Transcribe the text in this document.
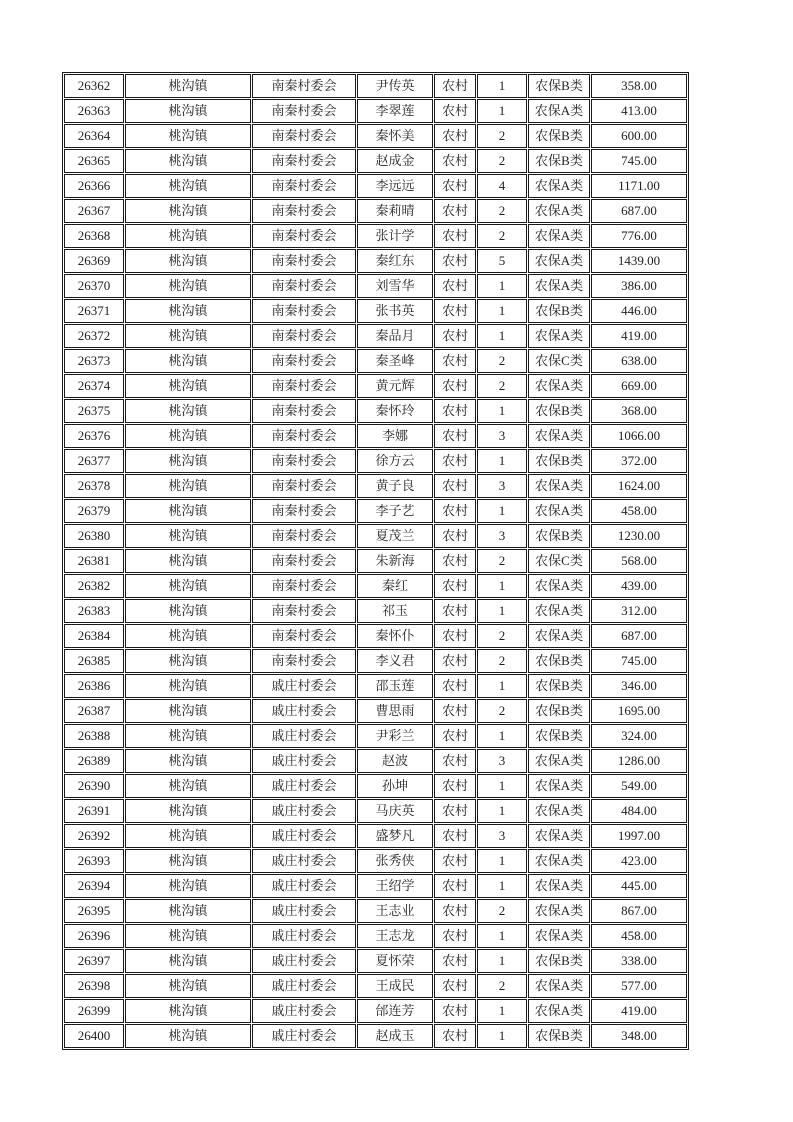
26362	桃沟镇	南秦村委会	尹传英	农村	1	农保B类	358.00
26363	桃沟镇	南秦村委会	李翠莲	农村	1	农保A类	413.00
26364	桃沟镇	南秦村委会	秦怀美	农村	2	农保B类	600.00
26365	桃沟镇	南秦村委会	赵成金	农村	2	农保B类	745.00
26366	桃沟镇	南秦村委会	李远远	农村	4	农保A类	1171.00
26367	桃沟镇	南秦村委会	秦莉晴	农村	2	农保A类	687.00
26368	桃沟镇	南秦村委会	张计学	农村	2	农保A类	776.00
26369	桃沟镇	南秦村委会	秦红东	农村	5	农保A类	1439.00
26370	桃沟镇	南秦村委会	刘雪华	农村	1	农保A类	386.00
26371	桃沟镇	南秦村委会	张书英	农村	1	农保B类	446.00
26372	桃沟镇	南秦村委会	秦品月	农村	1	农保A类	419.00
26373	桃沟镇	南秦村委会	秦圣峰	农村	2	农保C类	638.00
26374	桃沟镇	南秦村委会	黄元辉	农村	2	农保A类	669.00
26375	桃沟镇	南秦村委会	秦怀玲	农村	1	农保B类	368.00
26376	桃沟镇	南秦村委会	李娜	农村	3	农保A类	1066.00
26377	桃沟镇	南秦村委会	徐方云	农村	1	农保B类	372.00
26378	桃沟镇	南秦村委会	黄子良	农村	3	农保A类	1624.00
26379	桃沟镇	南秦村委会	李子艺	农村	1	农保A类	458.00
26380	桃沟镇	南秦村委会	夏茂兰	农村	3	农保B类	1230.00
26381	桃沟镇	南秦村委会	朱新海	农村	2	农保C类	568.00
26382	桃沟镇	南秦村委会	秦红	农村	1	农保A类	439.00
26383	桃沟镇	南秦村委会	祁玉	农村	1	农保A类	312.00
26384	桃沟镇	南秦村委会	秦怀仆	农村	2	农保A类	687.00
26385	桃沟镇	南秦村委会	李义君	农村	2	农保B类	745.00
26386	桃沟镇	戚庄村委会	邵玉莲	农村	1	农保B类	346.00
26387	桃沟镇	戚庄村委会	曹思雨	农村	2	农保B类	1695.00
26388	桃沟镇	戚庄村委会	尹彩兰	农村	1	农保B类	324.00
26389	桃沟镇	戚庄村委会	赵波	农村	3	农保A类	1286.00
26390	桃沟镇	戚庄村委会	孙坤	农村	1	农保A类	549.00
26391	桃沟镇	戚庄村委会	马庆英	农村	1	农保A类	484.00
26392	桃沟镇	戚庄村委会	盛梦凡	农村	3	农保A类	1997.00
26393	桃沟镇	戚庄村委会	张秀侠	农村	1	农保A类	423.00
26394	桃沟镇	戚庄村委会	王绍学	农村	1	农保A类	445.00
26395	桃沟镇	戚庄村委会	王志业	农村	2	农保A类	867.00
26396	桃沟镇	戚庄村委会	王志龙	农村	1	农保A类	458.00
26397	桃沟镇	戚庄村委会	夏怀荣	农村	1	农保B类	338.00
26398	桃沟镇	戚庄村委会	王成民	农村	2	农保A类	577.00
26399	桃沟镇	戚庄村委会	邰连芳	农村	1	农保A类	419.00
26400	桃沟镇	戚庄村委会	赵成玉	农村	1	农保B类	348.00
